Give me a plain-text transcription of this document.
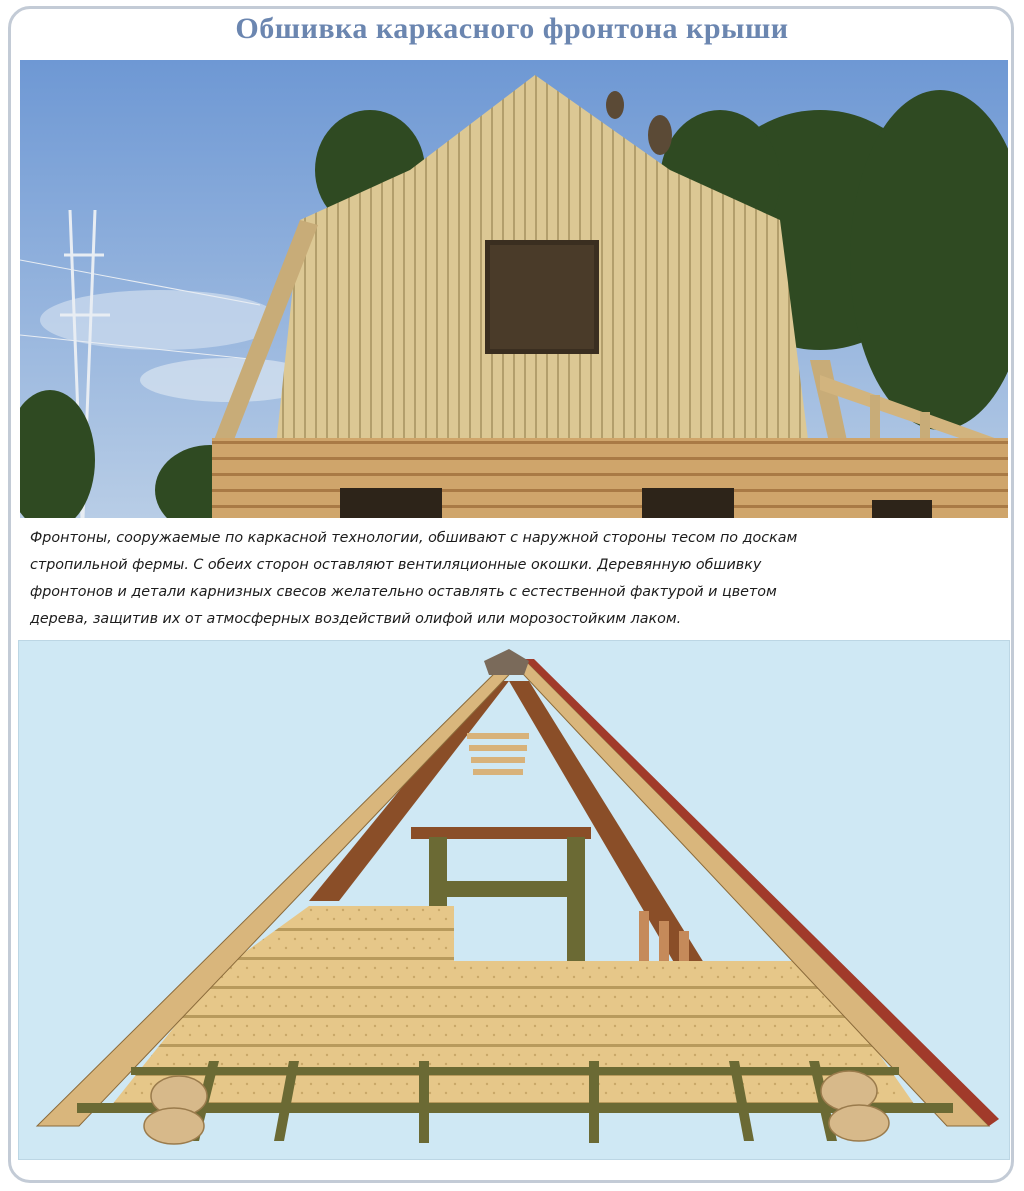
Обшивка каркасного фронтона крыши
Фронтоны, сооружаемые по каркасной технологии, обшивают с наружной стороны тесом по доскам
стропильной фермы. С обеих сторон оставляют вентиляционные окошки. Деревянную обшивку
фронтонов и детали карнизных свесов желательно оставлять с естественной фактурой и цветом
дерева, защитив их от атмосферных воздействий олифой или морозостойким лаком.
